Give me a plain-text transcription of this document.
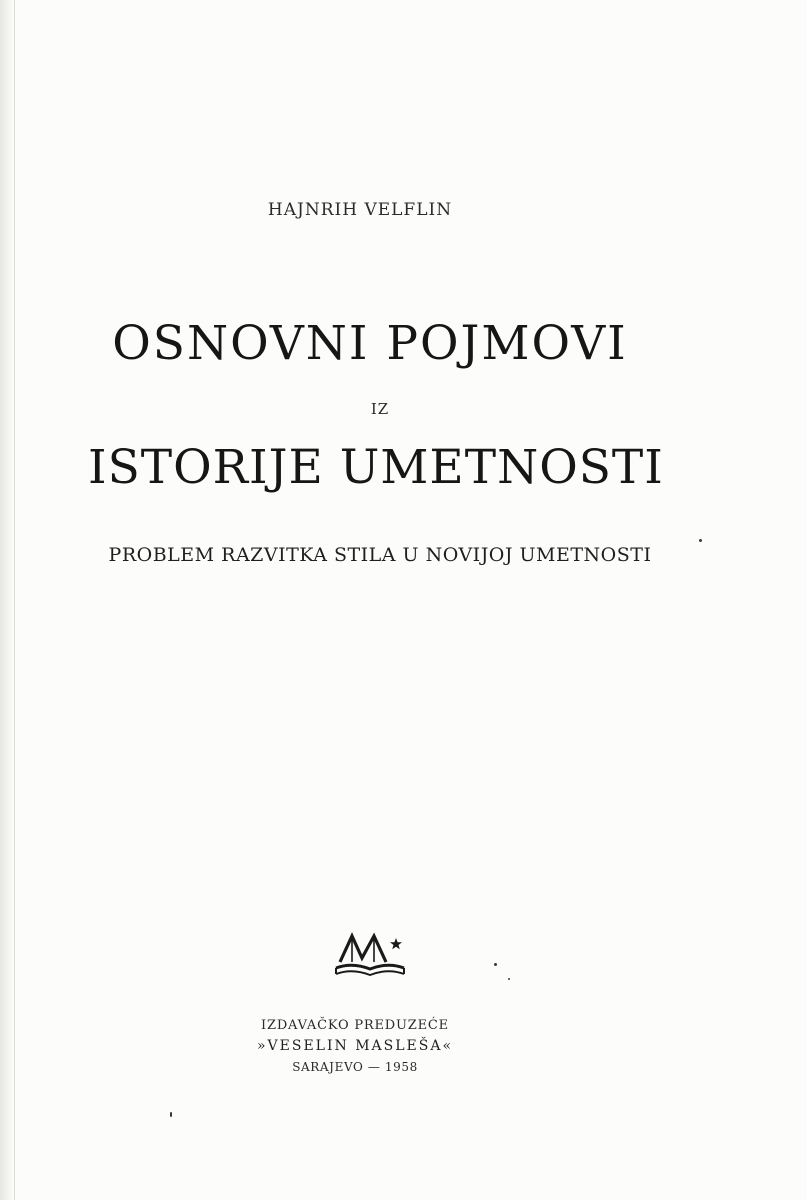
HAJNRIH VELFLIN
OSNOVNI POJMOVI
IZ
ISTORIJE UMETNOSTI
PROBLEM RAZVITKA STILA U NOVIJOJ UMETNOSTI
IZDAVAČKO PREDUZEĆE
»VESELIN MASLEŠA«
SARAJEVO — 1958
